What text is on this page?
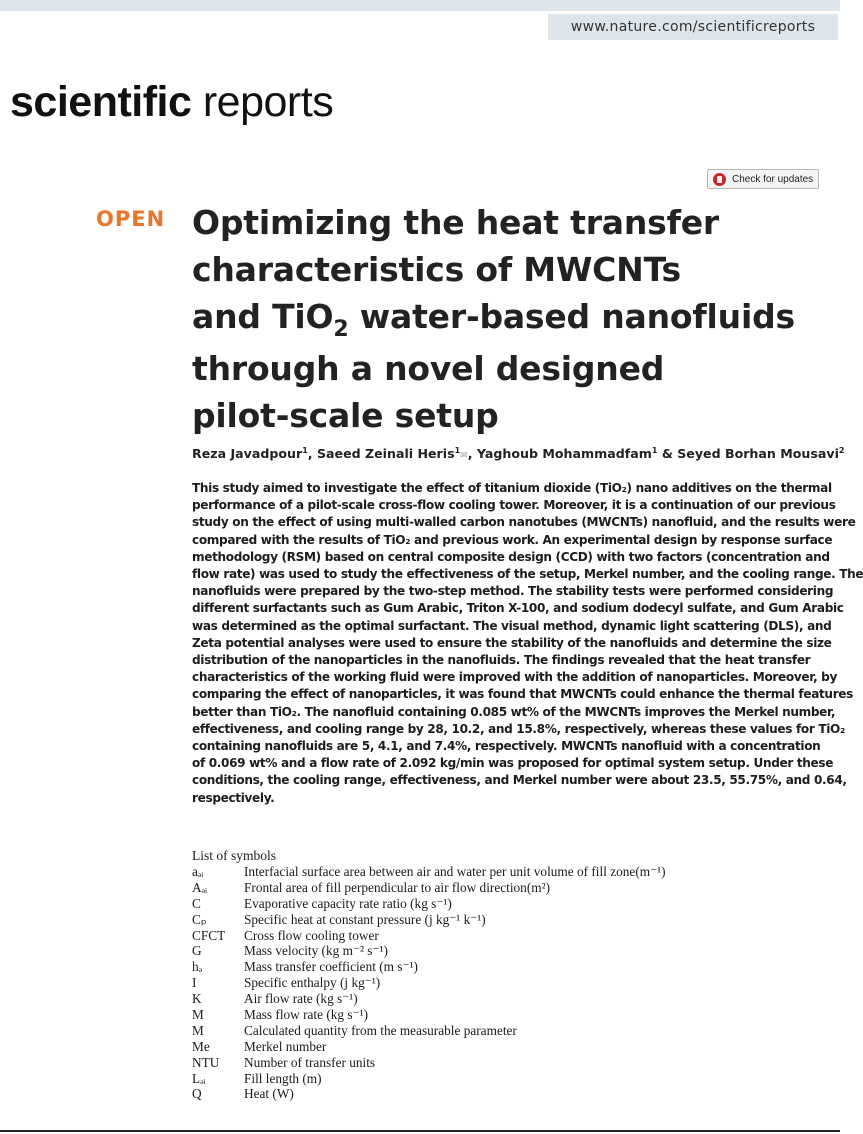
www.nature.com/scientificreports
scientific reports
Check for updates
OPEN Optimizing the heat transfer
characteristics of MWCNTs
and TiO$_2$ water-based nanofluids
through a novel designed
pilot-scale setup
Reza Javadpour$^1$, Saeed Zeinali Heris$^1$✉, Yaghoub Mohammadfam$^1$ & Seyed Borhan Mousavi$^2$
This study aimed to investigate the effect of titanium dioxide (TiO₂) nano additives on the thermal
performance of a pilot-scale cross-flow cooling tower. Moreover, it is a continuation of our previous
study on the effect of using multi-walled carbon nanotubes (MWCNTs) nanofluid, and the results were
compared with the results of TiO₂ and previous work. An experimental design by response surface
methodology (RSM) based on central composite design (CCD) with two factors (concentration and
flow rate) was used to study the effectiveness of the setup, Merkel number, and the cooling range. The
nanofluids were prepared by the two-step method. The stability tests were performed considering
different surfactants such as Gum Arabic, Triton X-100, and sodium dodecyl sulfate, and Gum Arabic
was determined as the optimal surfactant. The visual method, dynamic light scattering (DLS), and
Zeta potential analyses were used to ensure the stability of the nanofluids and determine the size
distribution of the nanoparticles in the nanofluids. The findings revealed that the heat transfer
characteristics of the working fluid were improved with the addition of nanoparticles. Moreover, by
comparing the effect of nanoparticles, it was found that MWCNTs could enhance the thermal features
better than TiO₂. The nanofluid containing 0.085 wt% of the MWCNTs improves the Merkel number,
effectiveness, and cooling range by 28, 10.2, and 15.8%, respectively, whereas these values for TiO₂
containing nanofluids are 5, 4.1, and 7.4%, respectively. MWCNTs nanofluid with a concentration
of 0.069 wt% and a flow rate of 2.092 kg/min was proposed for optimal system setup. Under these
conditions, the cooling range, effectiveness, and Merkel number were about 23.5, 55.75%, and 0.64,
respectively.
List of symbols
aₔᵢ	Interfacial surface area between air and water per unit volume of fill zone(m⁻¹)
Aₔᵢ	Frontal area of fill perpendicular to air flow direction(m²)
C	Evaporative capacity rate ratio (kg s⁻¹)
Cₚ	Specific heat at constant pressure (j kg⁻¹ k⁻¹)
CFCT Cross flow cooling tower
G	Mass velocity (kg m⁻² s⁻¹)
hₔ	Mass transfer coefficient (m s⁻¹)
I	Specific enthalpy (j kg⁻¹)
K	Air flow rate (kg s⁻¹)
M	Mass flow rate (kg s⁻¹)
M	Calculated quantity from the measurable parameter
Me	Merkel number
NTU Number of transfer units
Lₔᵢ	Fill length (m)
Q	Heat (W)
